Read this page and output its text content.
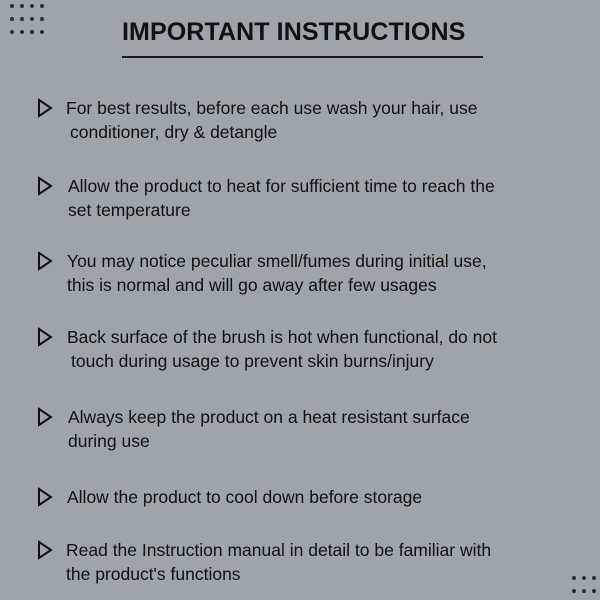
IMPORTANT INSTRUCTIONS
For best results, before each use wash your hair, use
conditioner, dry & detangle
Allow the product to heat for sufficient time to reach the
set temperature
You may notice peculiar smell/fumes during initial use,
this is normal and will go away after few usages
Back surface of the brush is hot when functional, do not
touch during usage to prevent skin burns/injury
Always keep the product on a heat resistant surface
during use
Allow the product to cool down before storage
Read the Instruction manual in detail to be familiar with
the product's functions
